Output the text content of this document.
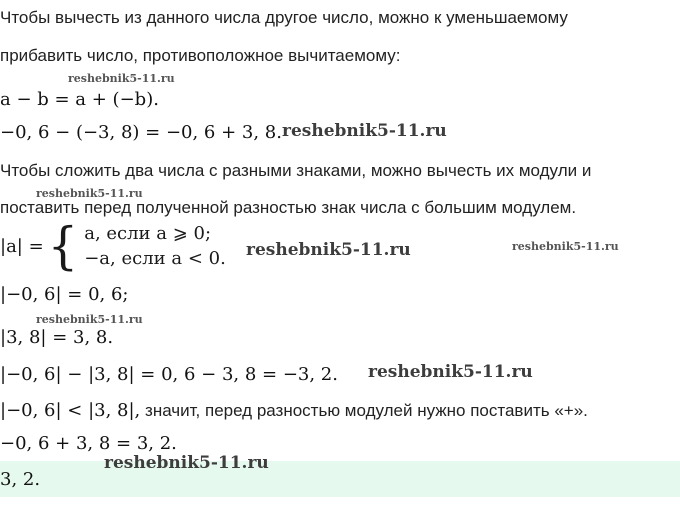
Чтобы вычесть из данного числа другое число, можно к уменьшаемому
прибавить число, противоположное вычитаемому:
reshebnik5-11.ru
a − b = a + (−b).
−0, 6 − (−3, 8) = −0, 6 + 3, 8. reshebnik5-11.ru
Чтобы сложить два числа с разными знаками, можно вычесть их модули и
reshebnik5-11.ru
поставить перед полученной разностью знак числа с большим модулем.
|a| = { a, если a ⩾ 0;
−a, если a < 0. reshebnik5-11.ru	reshebnik5-11.ru
|−0, 6| = 0, 6;
reshebnik5-11.ru
|3, 8| = 3, 8.
|−0, 6| − |3, 8| = 0, 6 − 3, 8 = −3, 2. reshebnik5-11.ru
|−0, 6| < |3, 8|, значит, перед разностью модулей нужно поставить «+».
−0, 6 + 3, 8 = 3, 2.
reshebnik5-11.ru
3, 2.
